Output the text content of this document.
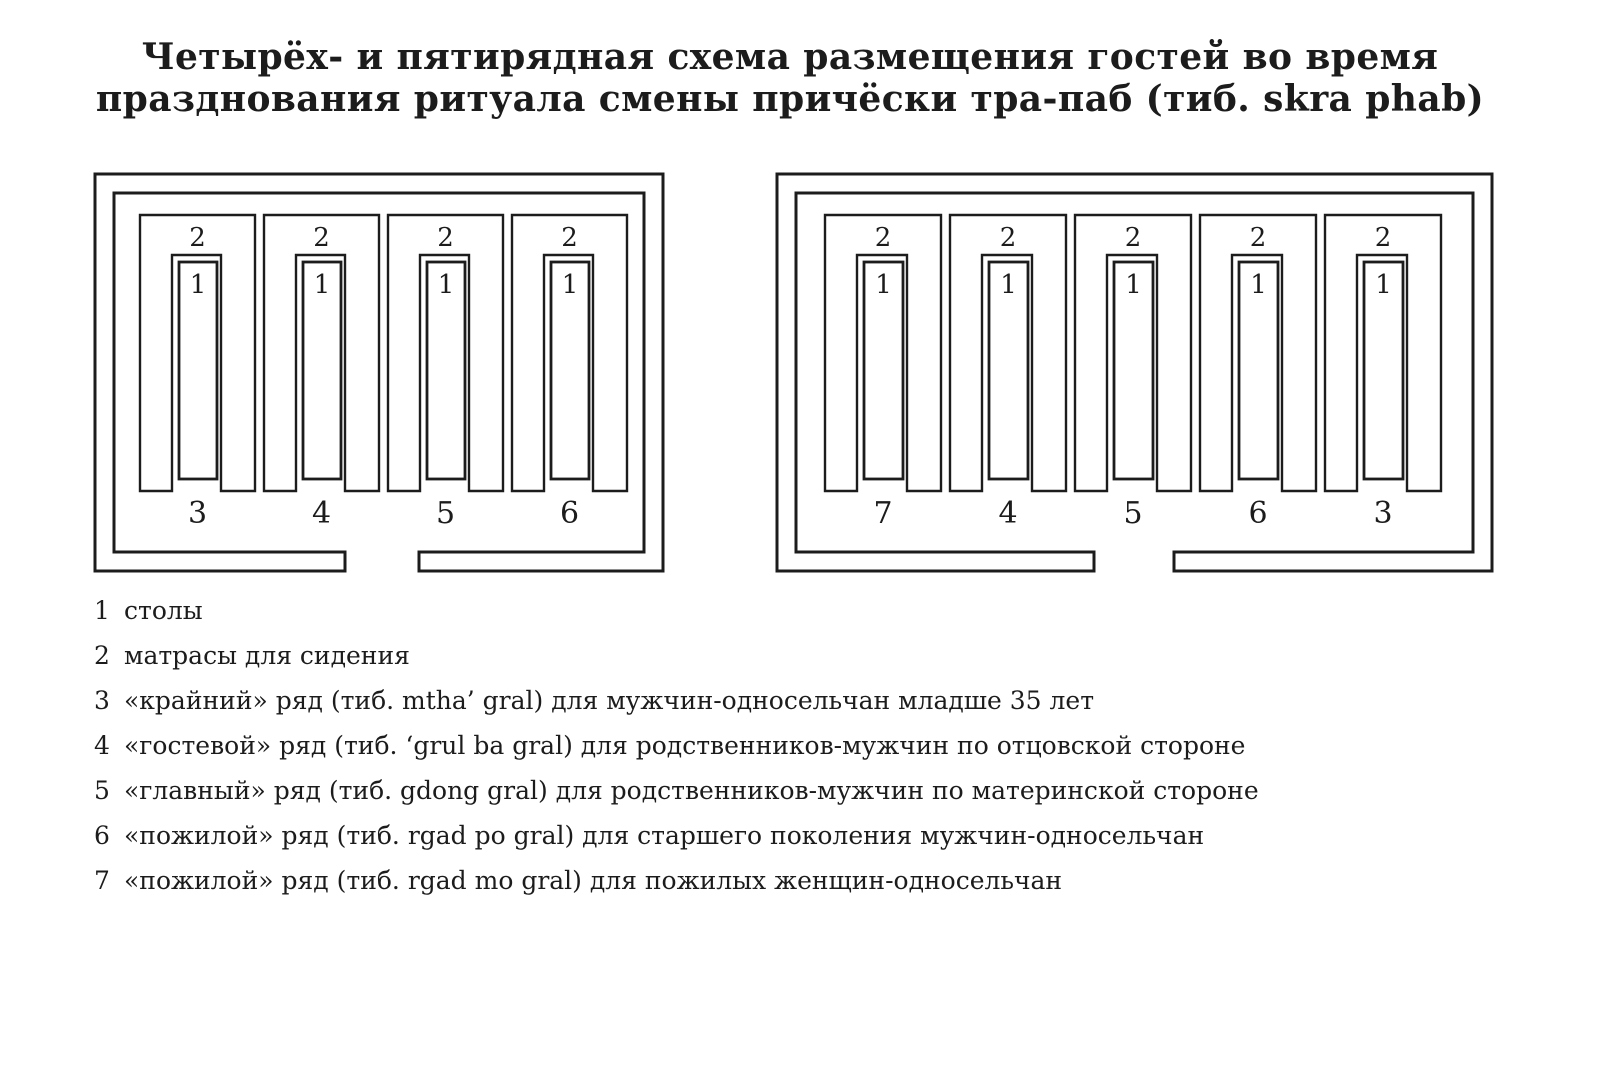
Четырёх- и пятирядная схема размещения гостей во время
празднования ритуала смены причёски тра-паб (тиб. skra phab)
2
1
3
2
1
4
2
1
5
2
1
6
2
1
7
2
1
4
2
1
5
2
1
6
2
1
3
1 столы
2 матрасы для сидения
3 «крайний» ряд (тиб. mtha’ gral) для мужчин-односельчан младше 35 лет
4 «гостевой» ряд (тиб. ‘grul ba gral) для родственников-мужчин по отцовской стороне
5 «главный» ряд (тиб. gdong gral) для родственников-мужчин по материнской стороне
6 «пожилой» ряд (тиб. rgad po gral) для старшего поколения мужчин-односельчан
7 «пожилой» ряд (тиб. rgad mo gral) для пожилых женщин-односельчан
